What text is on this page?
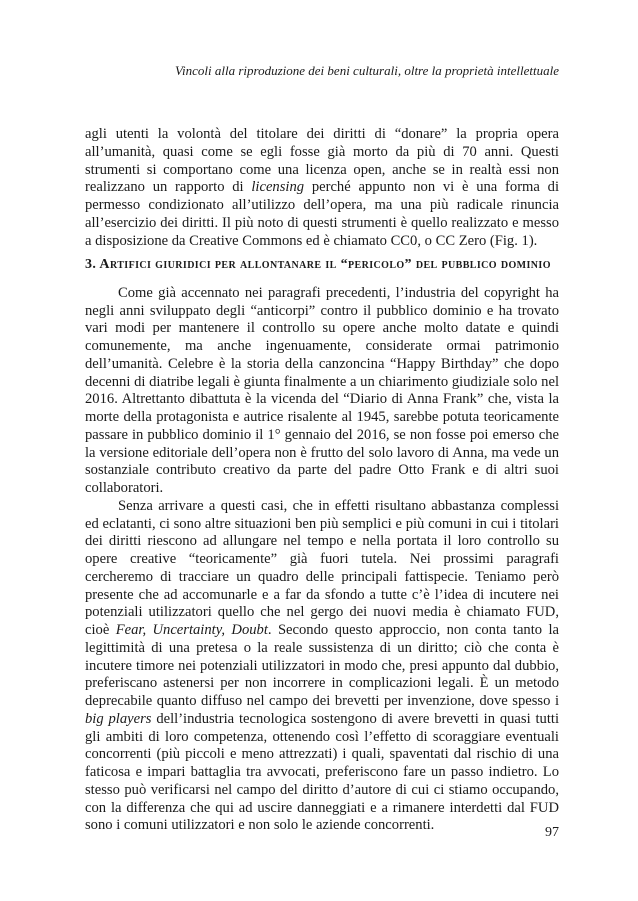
Vincoli alla riproduzione dei beni culturali, oltre la proprietà intellettuale

agli utenti la volontà del titolare dei diritti di “donare” la propria opera all’umanità, quasi come se egli fosse già morto da più di 70 anni. Questi strumenti si comportano come una licenza open, anche se in realtà essi non realizzano un rapporto di licensing perché appunto non vi è una forma di permesso condizionato all’utilizzo dell’opera, ma una più radicale rinuncia all’esercizio dei diritti. Il più noto di questi strumenti è quello realizzato e messo a disposizione da Creative Commons ed è chiamato CC0, o CC Zero (Fig. 1).

3. Artifici giuridici per allontanare il “pericolo” del pubblico dominio

Come già accennato nei paragrafi precedenti, l’industria del copyright ha negli anni sviluppato degli “anticorpi” contro il pubblico dominio e ha trovato vari modi per mantenere il controllo su opere anche molto datate e quindi comunemente, ma anche ingenuamente, considerate ormai patrimonio dell’umanità. Celebre è la storia della canzoncina “Happy Birthday” che dopo decenni di diatribe legali è giunta finalmente a un chiarimento giudiziale solo nel 2016. Altrettanto dibattuta è la vicenda del “Diario di Anna Frank” che, vista la morte della protagonista e autrice risalente al 1945, sarebbe potuta teoricamente passare in pubblico dominio il 1° gennaio del 2016, se non fosse poi emerso che la versione editoriale dell’opera non è frutto del solo lavoro di Anna, ma vede un sostanziale contributo creativo da parte del padre Otto Frank e di altri suoi collaboratori.

Senza arrivare a questi casi, che in effetti risultano abbastanza complessi ed eclatanti, ci sono altre situazioni ben più semplici e più comuni in cui i titolari dei diritti riescono ad allungare nel tempo e nella portata il loro controllo su opere creative “teoricamente” già fuori tutela. Nei prossimi paragrafi cercheremo di tracciare un quadro delle principali fattispecie. Teniamo però presente che ad accomunarle e a far da sfondo a tutte c’è l’idea di incutere nei potenziali utilizzatori quello che nel gergo dei nuovi media è chiamato FUD, cioè Fear, Uncertainty, Doubt. Secondo questo approccio, non conta tanto la legittimità di una pretesa o la reale sussistenza di un diritto; ciò che conta è incutere timore nei potenziali utilizzatori in modo che, presi appunto dal dubbio, preferiscano astenersi per non incorrere in complicazioni legali. È un metodo deprecabile quanto diffuso nel campo dei brevetti per invenzione, dove spesso i big players dell’industria tecnologica sostengono di avere brevetti in quasi tutti gli ambiti di loro competenza, ottenendo così l’effetto di scoraggiare eventuali concorrenti (più piccoli e meno attrezzati) i quali, spaventati dal rischio di una faticosa e impari battaglia tra avvocati, preferiscono fare un passo indietro. Lo stesso può verificarsi nel campo del diritto d’autore di cui ci stiamo occupando, con la differenza che qui ad uscire danneggiati e a rimanere interdetti dal FUD sono i comuni utilizzatori e non solo le aziende concorrenti.	97
